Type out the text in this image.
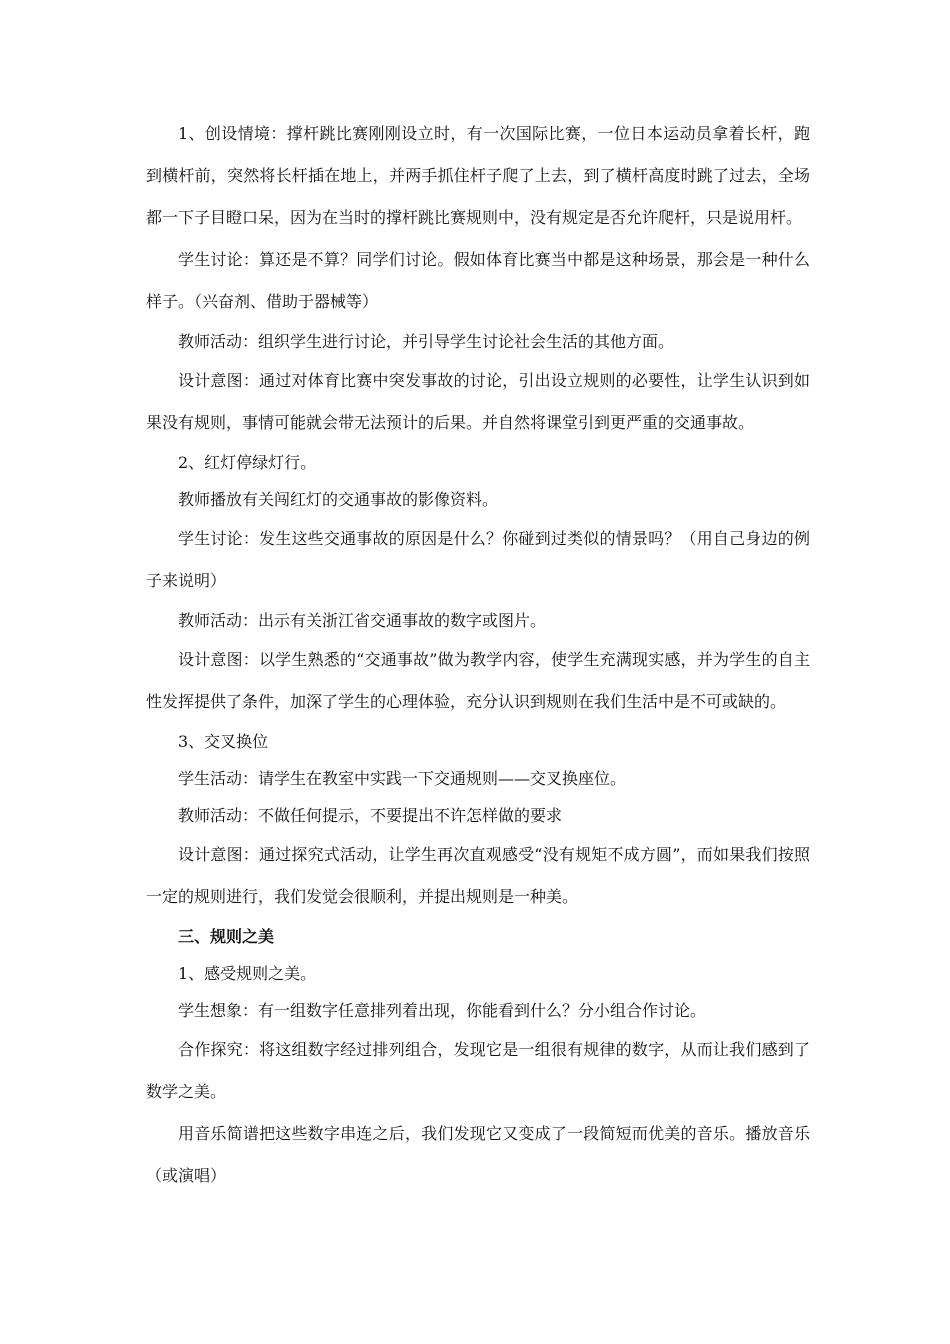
1、创设情境：撑杆跳比赛刚刚设立时，有一次国际比赛，一位日本运动员拿着长杆，跑到横杆前，突然将长杆插在地上，并两手抓住杆子爬了上去，到了横杆高度时跳了过去，全场都一下子目瞪口呆，因为在当时的撑杆跳比赛规则中，没有规定是否允许爬杆，只是说用杆。

学生讨论：算还是不算？同学们讨论。假如体育比赛当中都是这种场景，那会是一种什么样子。（兴奋剂、借助于器械等）

教师活动：组织学生进行讨论，并引导学生讨论社会生活的其他方面。

设计意图：通过对体育比赛中突发事故的讨论，引出设立规则的必要性，让学生认识到如果没有规则，事情可能就会带无法预计的后果。并自然将课堂引到更严重的交通事故。

2、红灯停绿灯行。

教师播放有关闯红灯的交通事故的影像资料。

学生讨论：发生这些交通事故的原因是什么？你碰到过类似的情景吗？（用自己身边的例子来说明）

教师活动：出示有关浙江省交通事故的数字或图片。

设计意图：以学生熟悉的“交通事故”做为教学内容，使学生充满现实感，并为学生的自主性发挥提供了条件，加深了学生的心理体验，充分认识到规则在我们生活中是不可或缺的。

3、交叉换位

学生活动：请学生在教室中实践一下交通规则——交叉换座位。

教师活动：不做任何提示，不要提出不许怎样做的要求

设计意图：通过探究式活动，让学生再次直观感受“没有规矩不成方圆”，而如果我们按照一定的规则进行，我们发觉会很顺利，并提出规则是一种美。

三、规则之美

1、感受规则之美。

学生想象：有一组数字任意排列着出现，你能看到什么？分小组合作讨论。

合作探究：将这组数字经过排列组合，发现它是一组很有规律的数字，从而让我们感到了数学之美。

用音乐简谱把这些数字串连之后，我们发现它又变成了一段简短而优美的音乐。播放音乐（或演唱）
